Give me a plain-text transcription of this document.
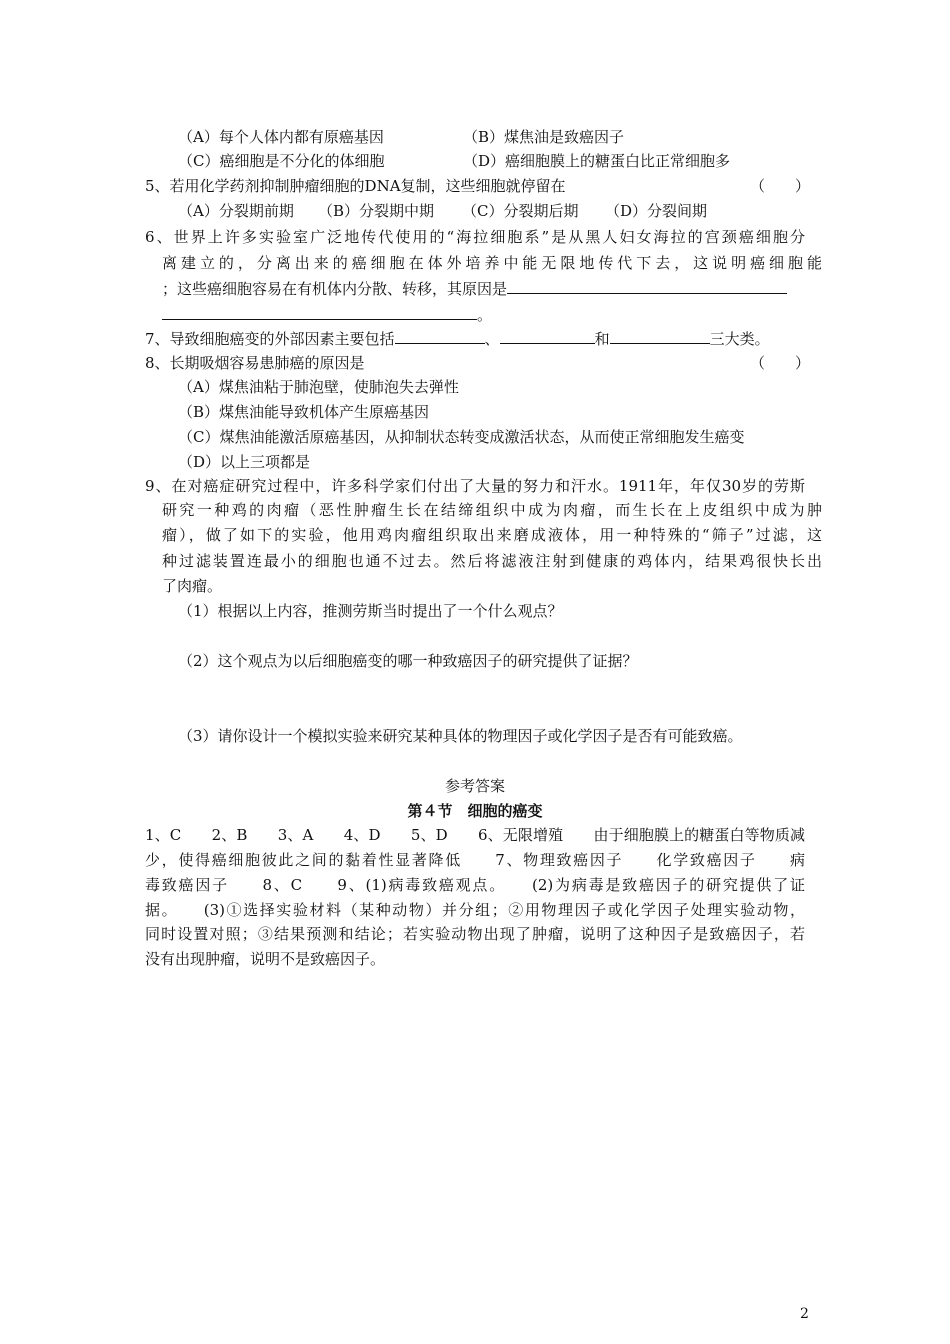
（A）每个人体内都有原癌基因	（B）煤焦油是致癌因子
（C）癌细胞是不分化的体细胞	（D）癌细胞膜上的糖蛋白比正常细胞多
5、若用化学药剂抑制肿瘤细胞的DNA复制，这些细胞就停留在	（　　）
（A）分裂期前期 （B）分裂期中期 （C）分裂期后期 （D）分裂间期
6、世界上许多实验室广泛地传代使用的“海拉细胞系”是从黑人妇女海拉的宫颈癌细胞分
离建立的，分离出来的癌细胞在体外培养中能无限地传代下去，这说明癌细胞能
；这些癌细胞容易在有机体内分散、转移，其原因是
。
7、导致细胞癌变的外部因素主要包括	、	和	三大类。
8、长期吸烟容易患肺癌的原因是	（　　）
（A）煤焦油粘于肺泡壁，使肺泡失去弹性
（B）煤焦油能导致机体产生原癌基因
（C）煤焦油能激活原癌基因，从抑制状态转变成激活状态，从而使正常细胞发生癌变
（D）以上三项都是
9、在对癌症研究过程中，许多科学家们付出了大量的努力和汗水。1911年，年仅30岁的劳斯
研究一种鸡的肉瘤（恶性肿瘤生长在结缔组织中成为肉瘤，而生长在上皮组织中成为肿
瘤），做了如下的实验，他用鸡肉瘤组织取出来磨成液体，用一种特殊的“筛子”过滤，这
种过滤装置连最小的细胞也通不过去。然后将滤液注射到健康的鸡体内，结果鸡很快长出
了肉瘤。
（1）根据以上内容，推测劳斯当时提出了一个什么观点？
（2）这个观点为以后细胞癌变的哪一种致癌因子的研究提供了证据？
（3）请你设计一个模拟实验来研究某种具体的物理因子或化学因子是否有可能致癌。
参考答案
第４节　细胞的癌变
1、C　　2、B　　3、A　　4、D　　5、D　　6、无限增殖　　由于细胞膜上的糖蛋白等物质减
少，使得癌细胞彼此之间的黏着性显著降低　　7、物理致癌因子　　化学致癌因子　　病
毒致癌因子　　8、C　　9、(1)病毒致癌观点。　　(2)为病毒是致癌因子的研究提供了证
据。　　(3)①选择实验材料（某种动物）并分组；②用物理因子或化学因子处理实验动物，
同时设置对照；③结果预测和结论；若实验动物出现了肿瘤，说明了这种因子是致癌因子，若
没有出现肿瘤，说明不是致癌因子。
2
